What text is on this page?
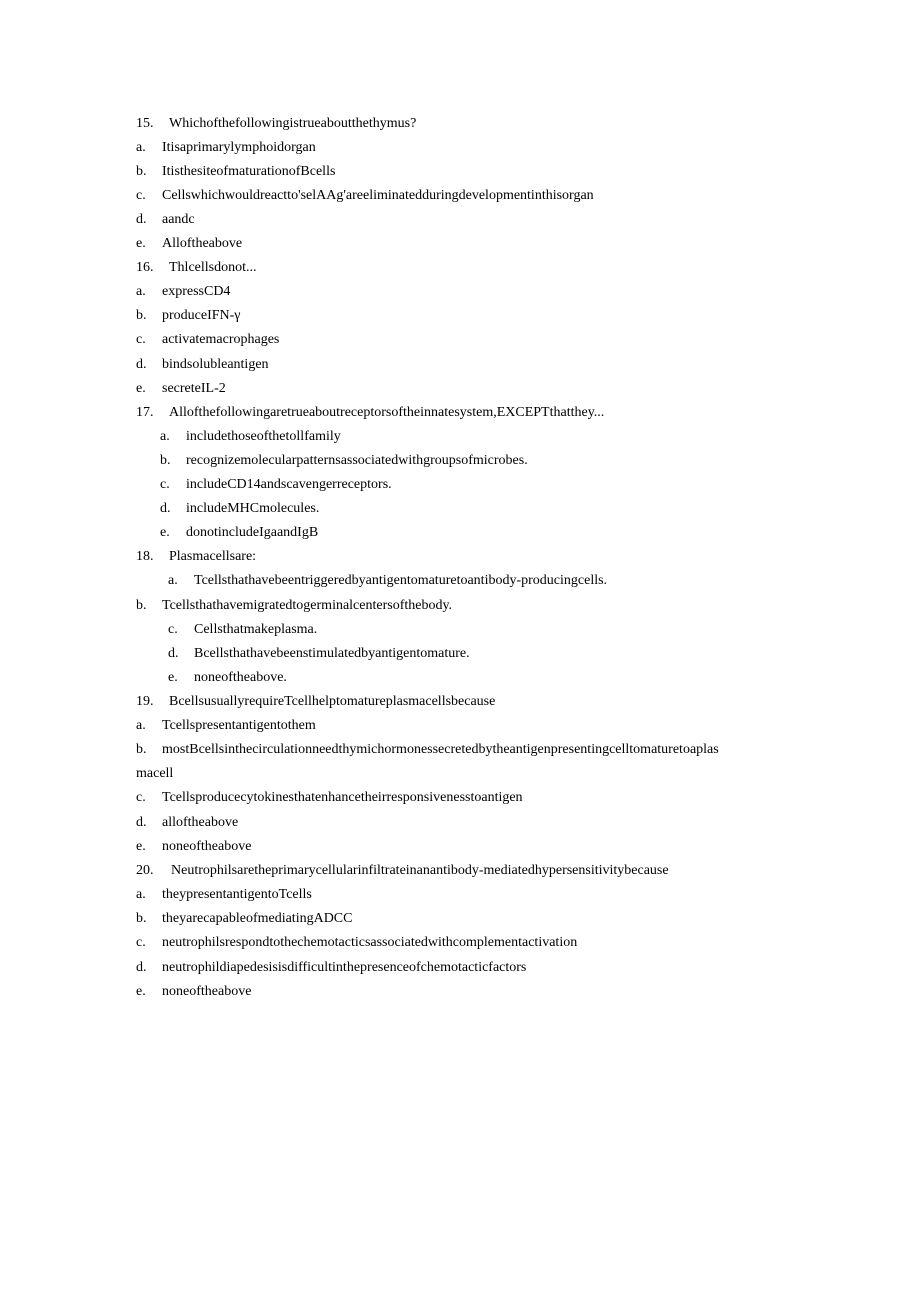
15. Whichofthefollowingistrueaboutthethymus?
a. Itisaprimarylymphoidorgan
b. ItisthesiteofmaturationofBcells
c. Cellswhichwouldreactto'selAAg'areeliminatedduringdevelopmentinthisorgan
d. aandc
e. Alloftheabove
16. Thlcellsdonot...
a. expressCD4
b. produceIFN-γ
c. activatemacrophages
d. bindsolubleantigen
e. secreteIL-2
17. Allofthefollowingaretrueaboutreceptorsoftheinnatesystem,EXCEPTthatthey...
a. includethoseofthetollfamily
b. recognizemolecularpatternsassociatedwithgroupsofmicrobes.
c. includeCD14andscavengerreceptors.
d. includeMHCmolecules.
e. donotincludeIgaandIgB
18. Plasmacellsare:
a. Tcellsthathavebeentriggeredbyantigentomaturetoantibody-producingcells.
b. Tcellsthathavemigratedtogerminalcentersofthebody.
c. Cellsthatmakeplasma.
d. Bcellsthathavebeenstimulatedbyantigentomature.
e. noneoftheabove.
19. BcellsusuallyrequireTcellhelptomatureplasmacellsbecause
a. Tcellspresentantigentothem
b. mostBcellsinthecirculationneedthymichormonessecretedbytheantigenpresentingcelltomaturetoaplas
macell
c. Tcellsproducecytokinesthatenhancetheirresponsivenesstoantigen
d. alloftheabove
e. noneoftheabove
20. Neutrophilsaretheprimarycellularinfiltrateinanantibody-mediatedhypersensitivitybecause
a. theypresentantigentoTcells
b. theyarecapableofmediatingADCC
c. neutrophilsrespondtothechemotacticsassociatedwithcomplementactivation
d. neutrophildiapedesisisdifficultinthepresenceofchemotacticfactors
e. noneoftheabove
